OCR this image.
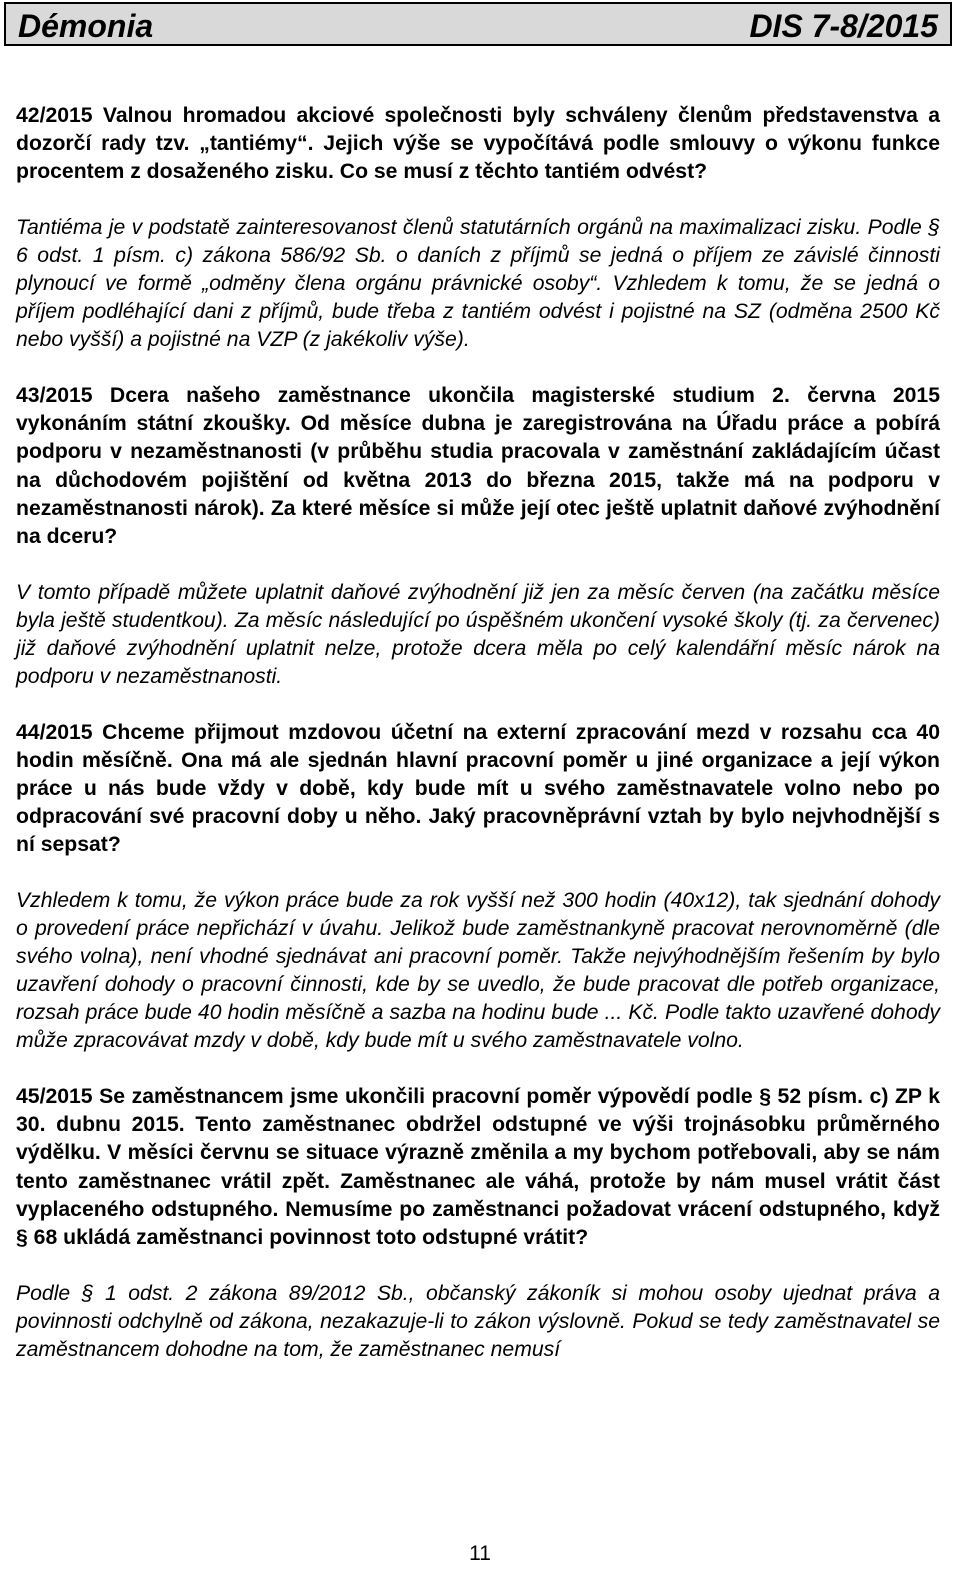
Démonia	DIS 7-8/2015

42/2015 Valnou hromadou akciové společnosti byly schváleny členům představenstva a dozorčí rady tzv. „tantiémy“. Jejich výše se vypočítává podle smlouvy o výkonu funkce procentem z dosaženého zisku. Co se musí z těchto tantiém odvést?

Tantiéma je v podstatě zainteresovanost členů statutárních orgánů na maximalizaci zisku. Podle § 6 odst. 1 písm. c) zákona 586/92 Sb. o daních z příjmů se jedná o příjem ze závislé činnosti plynoucí ve formě „odměny člena orgánu právnické osoby“. Vzhledem k tomu, že se jedná o příjem podléhající dani z příjmů, bude třeba z tantiém odvést i pojistné na SZ (odměna 2500 Kč nebo vyšší) a pojistné na VZP (z jakékoliv výše).

43/2015 Dcera našeho zaměstnance ukončila magisterské studium 2. června 2015 vykonáním státní zkoušky. Od měsíce dubna je zaregistrována na Úřadu práce a pobírá podporu v nezaměstnanosti (v průběhu studia pracovala v zaměstnání zakládajícím účast na důchodovém pojištění od května 2013 do března 2015, takže má na podporu v nezaměstnanosti nárok). Za které měsíce si může její otec ještě uplatnit daňové zvýhodnění na dceru?

V tomto případě můžete uplatnit daňové zvýhodnění již jen za měsíc červen (na začátku měsíce byla ještě studentkou). Za měsíc následující po úspěšném ukončení vysoké školy (tj. za červenec) již daňové zvýhodnění uplatnit nelze, protože dcera měla po celý kalendářní měsíc nárok na podporu v nezaměstnanosti.

44/2015 Chceme přijmout mzdovou účetní na externí zpracování mezd v rozsahu cca 40 hodin měsíčně. Ona má ale sjednán hlavní pracovní poměr u jiné organizace a její výkon práce u nás bude vždy v době, kdy bude mít u svého zaměstnavatele volno nebo po odpracování své pracovní doby u něho. Jaký pracovněprávní vztah by bylo nejvhodnější s ní sepsat?

Vzhledem k tomu, že výkon práce bude za rok vyšší než 300 hodin (40x12), tak sjednání dohody o provedení práce nepřichází v úvahu. Jelikož bude zaměstnankyně pracovat nerovnoměrně (dle svého volna), není vhodné sjednávat ani pracovní poměr. Takže nejvýhodnějším řešením by bylo uzavření dohody o pracovní činnosti, kde by se uvedlo, že bude pracovat dle potřeb organizace, rozsah práce bude 40 hodin měsíčně a sazba na hodinu bude ... Kč. Podle takto uzavřené dohody může zpracovávat mzdy v době, kdy bude mít u svého zaměstnavatele volno.

45/2015 Se zaměstnancem jsme ukončili pracovní poměr výpovědí podle § 52 písm. c) ZP k 30. dubnu 2015. Tento zaměstnanec obdržel odstupné ve výši trojnásobku průměrného výdělku. V měsíci červnu se situace výrazně změnila a my bychom potřebovali, aby se nám tento zaměstnanec vrátil zpět. Zaměstnanec ale váhá, protože by nám musel vrátit část vyplaceného odstupného. Nemusíme po zaměstnanci požadovat vrácení odstupného, když § 68 ukládá zaměstnanci povinnost toto odstupné vrátit?

Podle § 1 odst. 2 zákona 89/2012 Sb., občanský zákoník si mohou osoby ujednat práva a povinnosti odchylně od zákona, nezakazuje-li to zákon výslovně. Pokud se tedy zaměstnavatel se zaměstnancem dohodne na tom, že zaměstnanec nemusí

11
